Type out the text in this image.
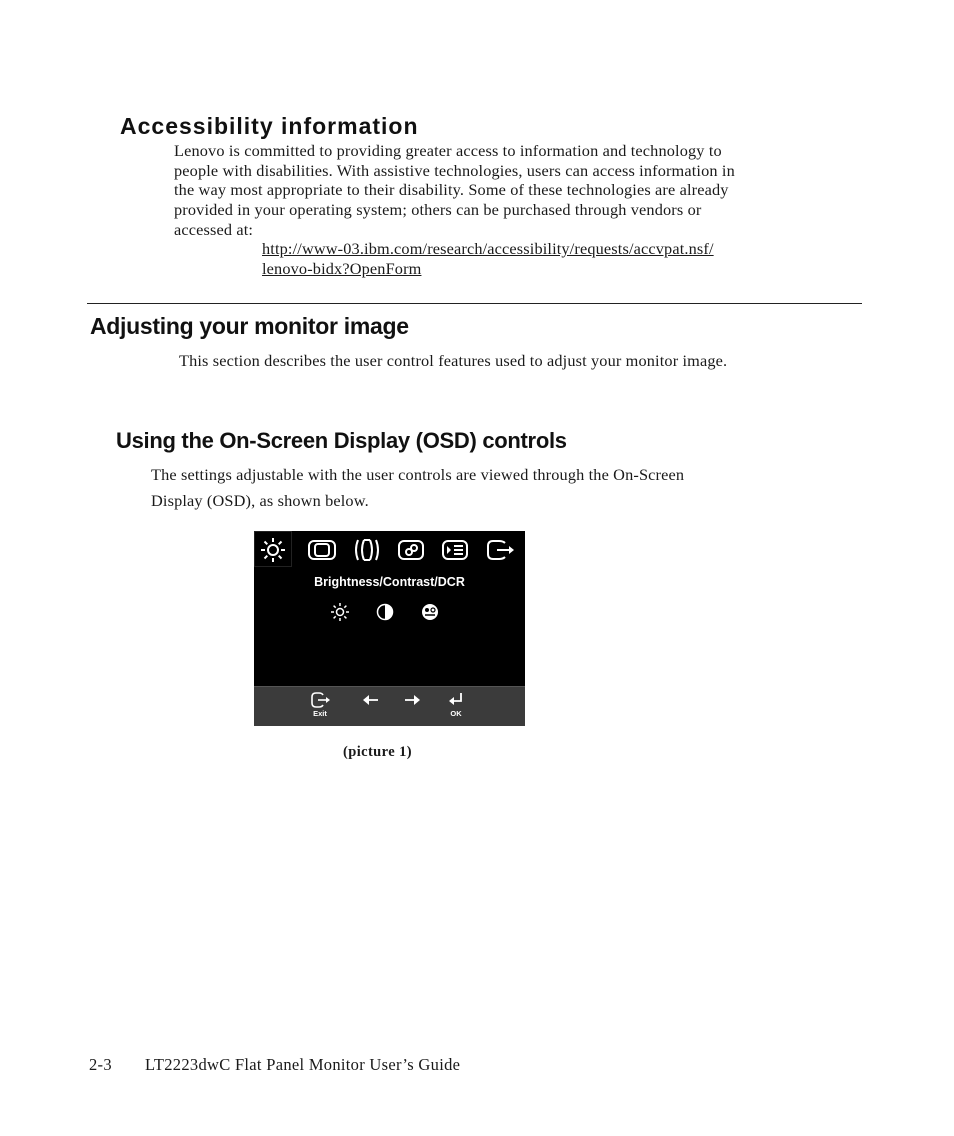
Accessibility information

Lenovo is committed to providing greater access to information and technology to

people with disabilities. With assistive technologies, users can access information in

the way most appropriate to their disability. Some of these technologies are already

provided in your operating system; others can be purchased through vendors or

accessed at:

http://www-03.ibm.com/research/accessibility/requests/accvpat.nsf/
lenovo-bidx?OpenForm
Adjusting your monitor image
This section describes the user control features used to adjust your monitor image.
Using the On-Screen Display (OSD) controls

The settings adjustable with the user controls are viewed through the On-Screen

Display (OSD), as shown below.

Brightness/Contrast/DCR
Exit	OK
(picture 1)
2-3 LT2223dwC Flat Panel Monitor User’s Guide
